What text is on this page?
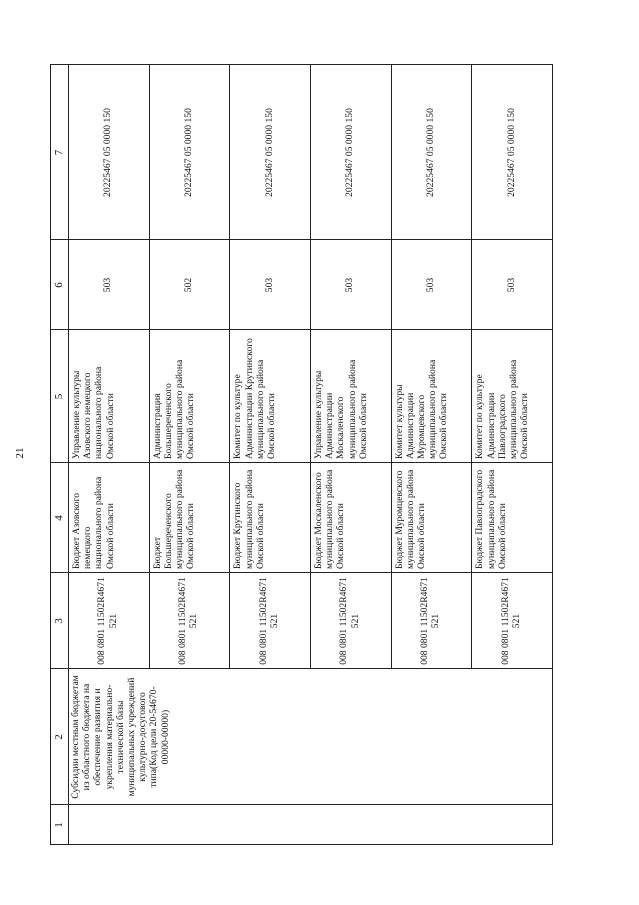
21
1
2
3
4
5
6
7
Субсидии местным бюджетам из областного бюджета на обеспечение развития и укрепления материально-технической базы муниципальных учреждений культурно-досугового типа(Код цели 20-54670-00000-00000)
008 0801 11502R4671 521
Бюджет Азовского немецкого национального района Омской области
Управление культуры Азовского немецкого национального района Омской области
503
20225467 05 0000 150
008 0801 11502R4671 521
Бюджет Большереченского муниципального района Омской области
Администрация Большереченского муниципального района Омской области
502
20225467 05 0000 150
008 0801 11502R4671 521
Бюджет Крутинского муниципального района Омской области
Комитет по культуре Администрации Крутинского муниципального района Омской области
503
20225467 05 0000 150
008 0801 11502R4671 521
Бюджет Москаленского муниципального района Омской области
Управление культуры Администрации Москаленского муниципального района Омской области
503
20225467 05 0000 150
008 0801 11502R4671 521
Бюджет Муромцевского муниципального района Омской области
Комитет культуры Администрации Муромцевского муниципального района Омской области
503
20225467 05 0000 150
008 0801 11502R4671 521
Бюджет Павлоградского муниципального района Омской области
Комитет по культуре Администрации Павлоградского муниципального района Омской области
503
20225467 05 0000 150
